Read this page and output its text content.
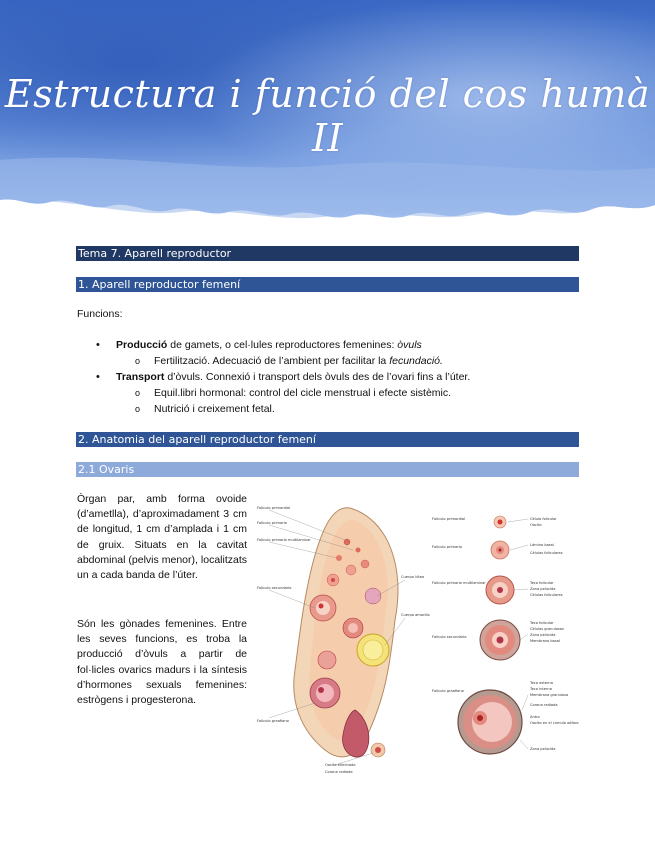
Estructura i funció del cos humà II
Tema 7. Aparell reproductor
1. Aparell reproductor femení
Funcions:
• Producció de gamets, o cel·lules reproductores femenines: òvuls
o Fertilització. Adecuació de l’ambient per facilitar la fecundació.
• Transport d’òvuls. Connexió i transport dels òvuls des de l’ovari fins a l’úter.
o Equil.libri hormonal: control del cicle menstrual i efecte sistèmic.
o Nutrició i creixement fetal.
2. Anatomia del aparell reproductor femení
2.1 Ovaris
Òrgan par, amb forma ovoide (d’ametlla), d’aproximadament 3 cm de longitud, 1 cm d’amplada i 1 cm de gruix. Situats en la cavitat abdominal (pelvis menor), localitzats un a cada banda de l’úter.
Són les gònades femenines. Entre les seves funcions, es troba la producció d’òvuls a partir de fol·licles ovarics madurs i la síntesis d’hormones sexuals femenines: estrògens i progesterona.
Folículo primordial
Folículo primario
Folículo primario multilaminar
Folículo secundario
Cuerpo lúteo
Cuerpo amarillo
Folículo graafiano
Oocito eliminado
Corona radiada
Folículo primordial
Folículo primario
Folículo primario multilaminar
Folículo secundario
Folículo graafiano
Célula folicular
Oocito
Lámina basal
Células foliculares
Teca folicular
Zona pelúcida
Células foliculares
Teca folicular
Células granulosas
Zona pelúcida
Membrana basal
Teca externa
Teca interna
Membrana granulosa
Corona radiada
Antro
Oocito en el cúmulo oóforo
Zona pelúcida
